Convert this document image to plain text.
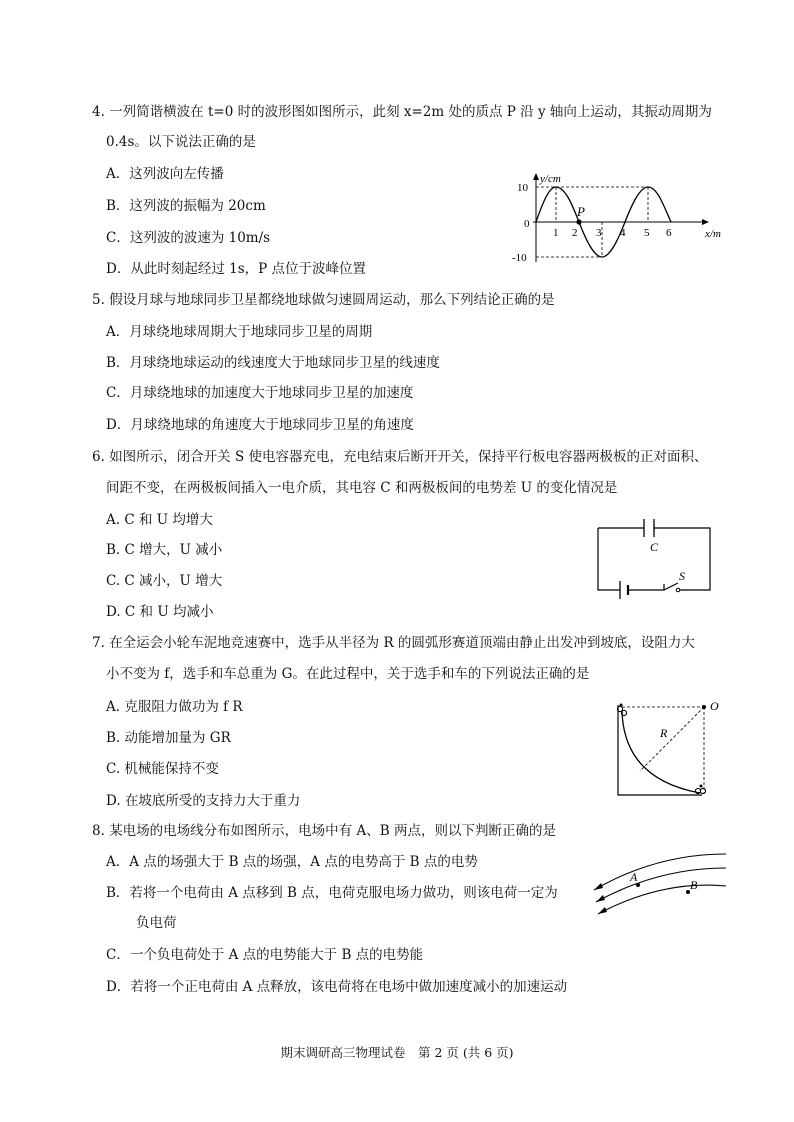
4. 一列简谐横波在 t=0 时的波形图如图所示，此刻 x=2m 处的质点 P 沿 y 轴向上运动，其振动周期为
0.4s。以下说法正确的是
A．这列波向左传播
B．这列波的振幅为 20cm
C．这列波的波速为 10m/s
D．从此时刻起经过 1s，P 点位于波峰位置
5. 假设月球与地球同步卫星都绕地球做匀速圆周运动，那么下列结论正确的是
A．月球绕地球周期大于地球同步卫星的周期
B．月球绕地球运动的线速度大于地球同步卫星的线速度
C．月球绕地球的加速度大于地球同步卫星的加速度
D．月球绕地球的角速度大于地球同步卫星的角速度
6. 如图所示，闭合开关 S 使电容器充电，充电结束后断开开关，保持平行板电容器两极板的正对面积、
间距不变，在两极板间插入一电介质，其电容 C 和两极板间的电势差 U 的变化情况是
A. C 和 U 均增大
B. C 增大，U 减小
C. C 减小，U 增大
D. C 和 U 均减小
7. 在全运会小轮车泥地竞速赛中，选手从半径为 R 的圆弧形赛道顶端由静止出发冲到坡底，设阻力大
小不变为 f，选手和车总重为 G。在此过程中，关于选手和车的下列说法正确的是
A. 克服阻力做功为 f R
B. 动能增加量为 GR
C. 机械能保持不变
D. 在坡底所受的支持力大于重力
8. 某电场的电场线分布如图所示，电场中有 A、B 两点，则以下判断正确的是
A．A 点的场强大于 B 点的场强，A 点的电势高于 B 点的电势
B．若将一个电荷由 A 点移到 B 点，电荷克服电场力做功，则该电荷一定为
负电荷
C．一个负电荷处于 A 点的电势能大于 B 点的电势能
D．若将一个正电荷由 A 点释放，该电荷将在电场中做加速度减小的加速运动
P
y/cm
x/m
10
0
-10
1 2 3 4 5 6
C
S
O
R
A
B
期末调研高三物理试卷　第 2 页 (共 6 页)
